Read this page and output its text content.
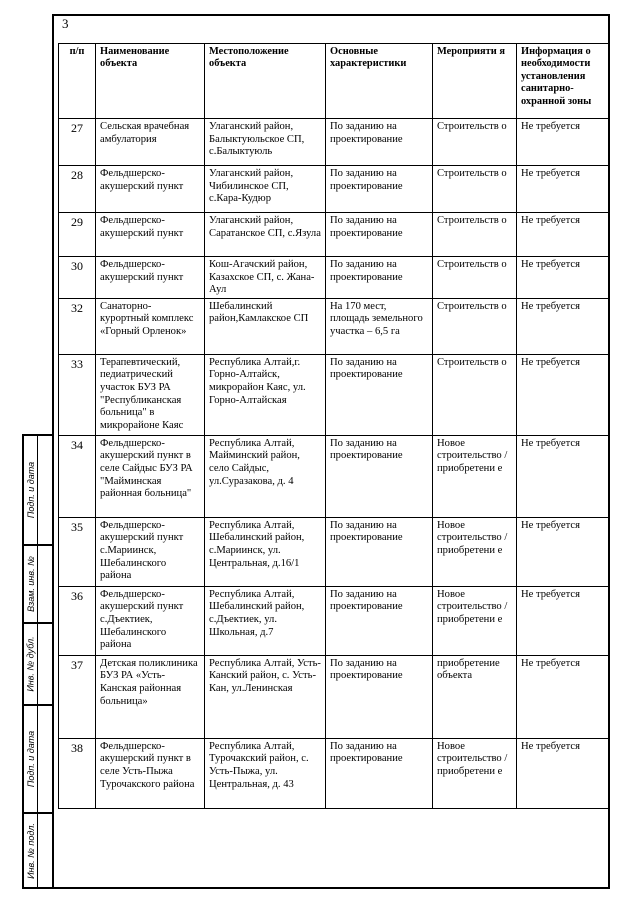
3
п/п	Наименование объекта	Местоположение объекта	Основные характеристики	Мероприяти я	Информация о необходимости установления санитарно-охранной зоны
27	Сельская врачебная амбулатория	Улаганский район, Балыктуюльское СП, с.Балыктуюль	По заданию на проектирование	Строительств о	Не требуется
28	Фельдшерско-акушерский пункт	Улаганский район, Чибилинское СП, с.Кара-Кудюр	По заданию на проектирование	Строительств о	Не требуется
29	Фельдшерско-акушерский пункт	Улаганский район, Саратанское СП, с.Язула	По заданию на проектирование	Строительств о	Не требуется
30	Фельдшерско-акушерский пункт	Кош-Агачский район, Казахское СП, с. Жана-Аул	По заданию на проектирование	Строительств о	Не требуется
32	Санаторно-курортный комплекс «Горный Орленок»	Шебалинский район,Камлакское СП	На 170 мест, площадь земельного участка – 6,5 га	Строительств о	Не требуется
33	Терапевтический, педиатрический участок БУЗ РА "Республиканская больница" в микрорайоне Каяс	Республика Алтай,г. Горно-Алтайск, микрорайон Каяс, ул. Горно-Алтайская	По заданию на проектирование	Строительств о	Не требуется
34	Фельдшерско-акушерский пункт в селе Сайдыс БУЗ РА "Майминская районная больница"	Республика Алтай, Майминский район, село Сайдыс, ул.Суразакова, д. 4	По заданию на проектирование	Новое строительство /приобретени е	Не требуется
35	Фельдшерско-акушерский пункт с.Мариинск, Шебалинского района	Республика Алтай, Шебалинский район, с.Мариинск, ул. Центральная, д.16/1	По заданию на проектирование	Новое строительство /приобретени е	Не требуется
36	Фельдшерско-акушерский пункт с.Дъектиек, Шебалинского района	Республика Алтай, Шебалинский район, с.Дъектиек, ул. Школьная, д.7	По заданию на проектирование	Новое строительство /приобретени е	Не требуется
37	Детская поликлиника БУЗ РА «Усть-Канская районная больница»	Республика Алтай, Усть-Канский район, с. Усть-Кан, ул.Ленинская	По заданию на проектирование	приобретение объекта	Не требуется
38	Фельдшерско-акушерский пункт в селе Усть-Пыжа Турочакского района	Республика Алтай, Турочакский район, с. Усть-Пыжа, ул. Центральная, д. 43	По заданию на проектирование	Новое строительство /приобретени е	Не требуется
Подп. и дата
Взам. инв. №
Инв. № дубл.
Подп. и дата
Инв. № подл.
